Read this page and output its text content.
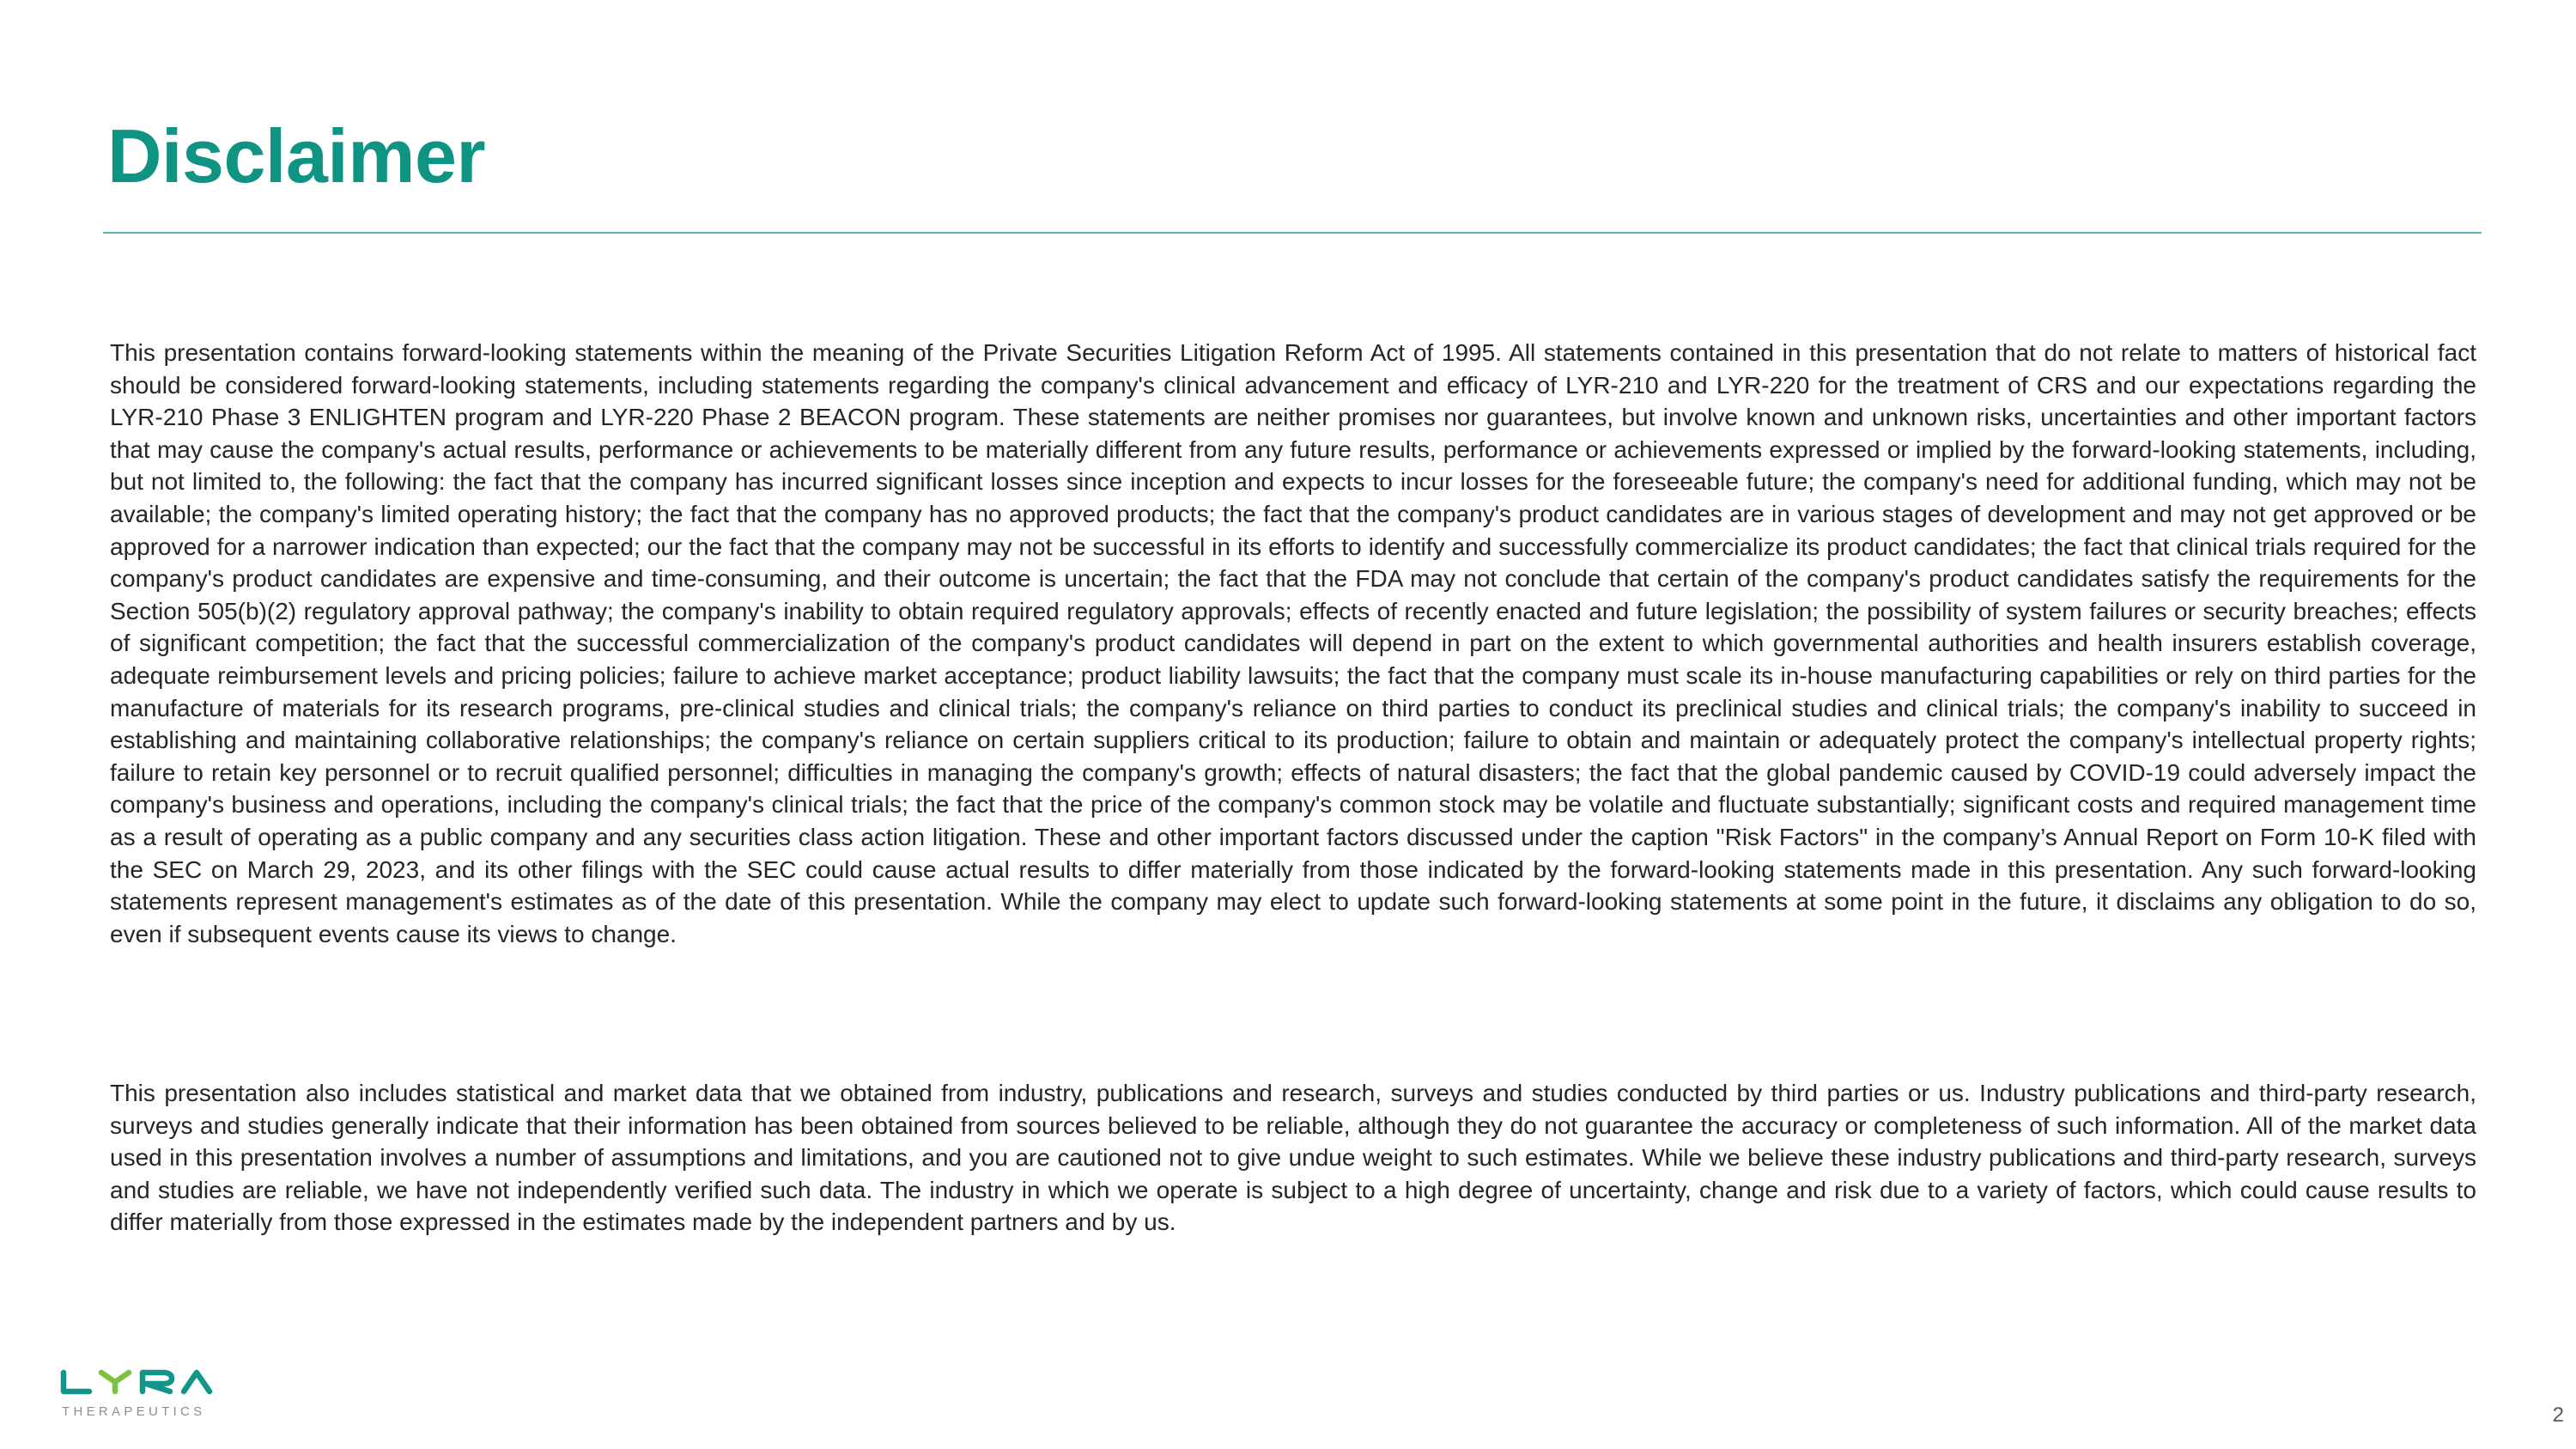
Disclaimer

This presentation contains forward-looking statements within the meaning of the Private Securities Litigation Reform Act of 1995. All statements contained in this presentation that do not relate to matters of historical fact should be considered forward-looking statements, including statements regarding the company's clinical advancement and efficacy of LYR-210 and LYR-220 for the treatment of CRS and our expectations regarding the LYR-210 Phase 3 ENLIGHTEN program and LYR-220 Phase 2 BEACON program. These statements are neither promises nor guarantees, but involve known and unknown risks, uncertainties and other important factors that may cause the company's actual results, performance or achievements to be materially different from any future results, performance or achievements expressed or implied by the forward-looking statements, including, but not limited to, the following: the fact that the company has incurred significant losses since inception and expects to incur losses for the foreseeable future; the company's need for additional funding, which may not be available; the company's limited operating history; the fact that the company has no approved products; the fact that the company's product candidates are in various stages of development and may not get approved or be approved for a narrower indication than expected; our the fact that the company may not be successful in its efforts to identify and successfully commercialize its product candidates; the fact that clinical trials required for the company's product candidates are expensive and time-consuming, and their outcome is uncertain; the fact that the FDA may not conclude that certain of the company's product candidates satisfy the requirements for the Section 505(b)(2) regulatory approval pathway; the company's inability to obtain required regulatory approvals; effects of recently enacted and future legislation; the possibility of system failures or security breaches; effects of significant competition; the fact that the successful commercialization of the company's product candidates will depend in part on the extent to which governmental authorities and health insurers establish coverage, adequate reimbursement levels and pricing policies; failure to achieve market acceptance; product liability lawsuits; the fact that the company must scale its in-house manufacturing capabilities or rely on third parties for the manufacture of materials for its research programs, pre-clinical studies and clinical trials; the company's reliance on third parties to conduct its preclinical studies and clinical trials; the company's inability to succeed in establishing and maintaining collaborative relationships; the company's reliance on certain suppliers critical to its production; failure to obtain and maintain or adequately protect the company's intellectual property rights; failure to retain key personnel or to recruit qualified personnel; difficulties in managing the company's growth; effects of natural disasters; the fact that the global pandemic caused by COVID-19 could adversely impact the company's business and operations, including the company's clinical trials; the fact that the price of the company's common stock may be volatile and fluctuate substantially; significant costs and required management time as a result of operating as a public company and any securities class action litigation. These and other important factors discussed under the caption "Risk Factors" in the company’s Annual Report on Form 10-K filed with the SEC on March 29, 2023, and its other filings with the SEC could cause actual results to differ materially from those indicated by the forward-looking statements made in this presentation. Any such forward-looking statements represent management's estimates as of the date of this presentation. While the company may elect to update such forward-looking statements at some point in the future, it disclaims any obligation to do so, even if subsequent events cause its views to change.

This presentation also includes statistical and market data that we obtained from industry, publications and research, surveys and studies conducted by third parties or us. Industry publications and third-party research, surveys and studies generally indicate that their information has been obtained from sources believed to be reliable, although they do not guarantee the accuracy or completeness of such information. All of the market data used in this presentation involves a number of assumptions and limitations, and you are cautioned not to give undue weight to such estimates. While we believe these industry publications and third-party research, surveys and studies are reliable, we have not independently verified such data. The industry in which we operate is subject to a high degree of uncertainty, change and risk due to a variety of factors, which could cause results to differ materially from those expressed in the estimates made by the independent partners and by us.

THERAPEUTICS	2
